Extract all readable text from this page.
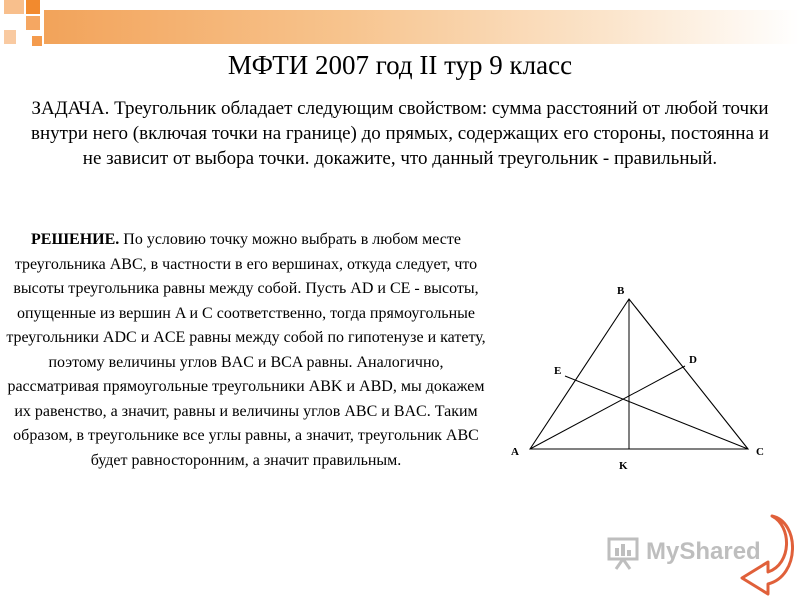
МФТИ 2007 год II тур 9 класс
ЗАДАЧА. Треугольник обладает следующим свойством: сумма расстояний от любой точки внутри него (включая точки на границе) до прямых, содержащих его стороны, постоянна и не зависит от выбора точки. докажите, что данный треугольник - правильный.
РЕШЕНИЕ. По условию точку можно выбрать в любом месте треугольника ABC, в частности в его вершинах, откуда следует, что высоты треугольника равны между собой. Пусть AD и CE - высоты, опущенные из вершин A и C соответственно, тогда прямоугольные треугольники ADC и ACE равны между собой по гипотенузе и катету, поэтому величины углов BAC и BCA равны. Аналогично, рассматривая прямоугольные треугольники ABK и ABD, мы докажем их равенство, а значит, равны и величины углов ABC и BAC. Таким образом, в треугольнике все углы равны, а значит, треугольник ABC будет равносторонним, а значит правильным.
B
A	C
D
E
K
MyShared
